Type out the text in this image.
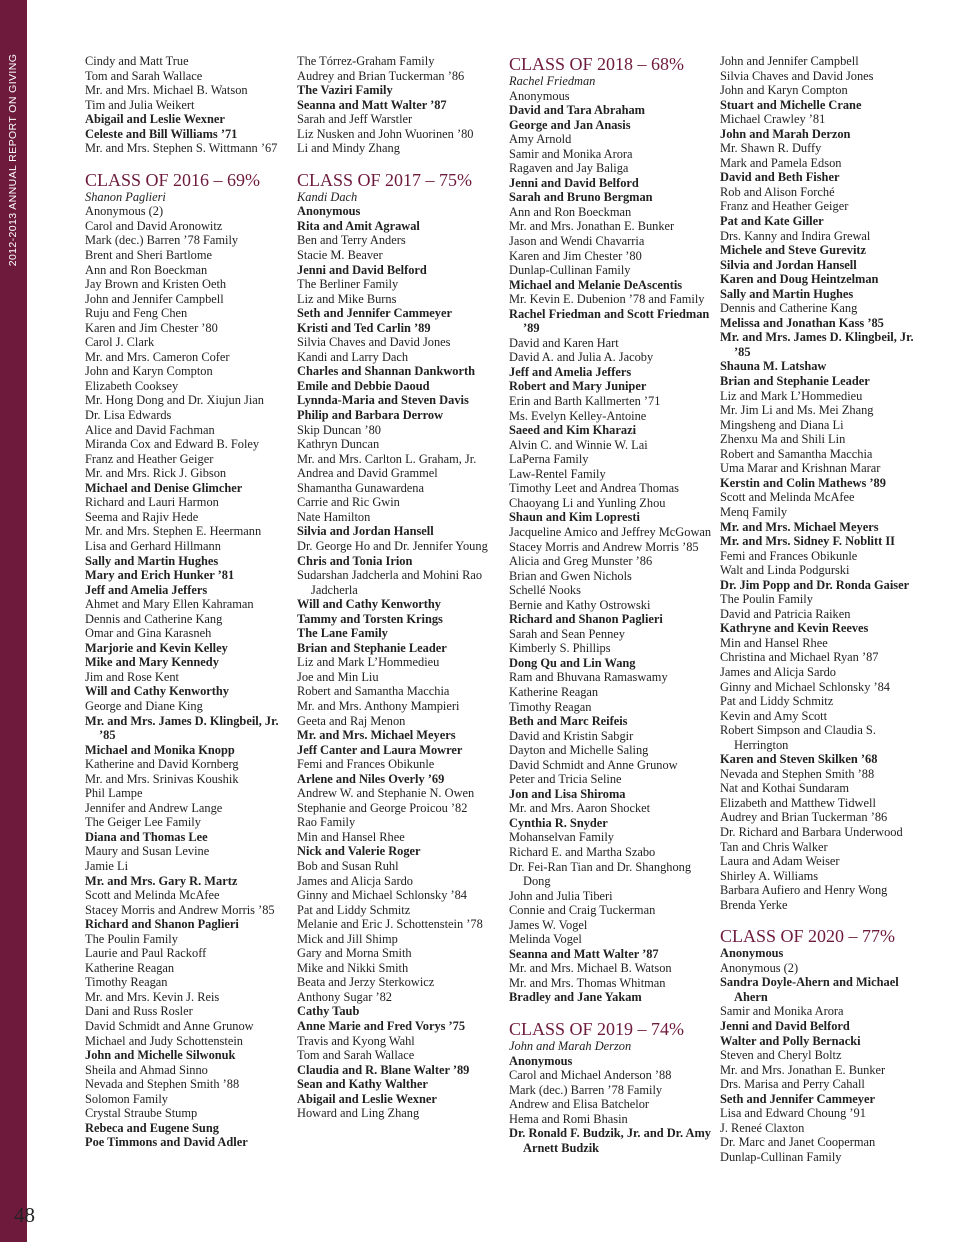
2012-2013 ANNUAL REPORT ON GIVING
48
Cindy and Matt True
Tom and Sarah Wallace
Mr. and Mrs. Michael B. Watson
Tim and Julia Weikert
Abigail and Leslie Wexner
Celeste and Bill Williams ’71
Mr. and Mrs. Stephen S. Wittmann ’67
CLASS OF 2016 – 69%
Shanon Paglieri
Anonymous (2)
Carol and David Aronowitz
Mark (dec.) Barren ’78 Family
Brent and Sheri Bartlome
Ann and Ron Boeckman
Jay Brown and Kristen Oeth
John and Jennifer Campbell
Ruju and Feng Chen
Karen and Jim Chester ’80
Carol J. Clark
Mr. and Mrs. Cameron Cofer
John and Karyn Compton
Elizabeth Cooksey
Mr. Hong Dong and Dr. Xiujun Jian
Dr. Lisa Edwards
Alice and David Fachman
Miranda Cox and Edward B. Foley
Franz and Heather Geiger
Mr. and Mrs. Rick J. Gibson
Michael and Denise Glimcher
Richard and Lauri Harmon
Seema and Rajiv Hede
Mr. and Mrs. Stephen E. Heermann
Lisa and Gerhard Hillmann
Sally and Martin Hughes
Mary and Erich Hunker ’81
Jeff and Amelia Jeffers
Ahmet and Mary Ellen Kahraman
Dennis and Catherine Kang
Omar and Gina Karasneh
Marjorie and Kevin Kelley
Mike and Mary Kennedy
Jim and Rose Kent
Will and Cathy Kenworthy
George and Diane King
Mr. and Mrs. James D. Klingbeil, Jr. ’85
Michael and Monika Knopp
Katherine and David Kornberg
Mr. and Mrs. Srinivas Koushik
Phil Lampe
Jennifer and Andrew Lange
The Geiger Lee Family
Diana and Thomas Lee
Maury and Susan Levine
Jamie Li
Mr. and Mrs. Gary R. Martz
Scott and Melinda McAfee
Stacey Morris and Andrew Morris ’85
Richard and Shanon Paglieri
The Poulin Family
Laurie and Paul Rackoff
Katherine Reagan
Timothy Reagan
Mr. and Mrs. Kevin J. Reis
Dani and Russ Rosler
David Schmidt and Anne Grunow
Michael and Judy Schottenstein
John and Michelle Silwonuk
Sheila and Ahmad Sinno
Nevada and Stephen Smith ’88
Solomon Family
Crystal Straube Stump
Rebeca and Eugene Sung
Poe Timmons and David Adler
The Tórrez-Graham Family
Audrey and Brian Tuckerman ’86
The Vaziri Family
Seanna and Matt Walter ’87
Sarah and Jeff Warstler
Liz Nusken and John Wuorinen ’80
Li and Mindy Zhang
CLASS OF 2017 – 75%
Kandi Dach
Anonymous
Rita and Amit Agrawal
Ben and Terry Anders
Stacie M. Beaver
Jenni and David Belford
The Berliner Family
Liz and Mike Burns
Seth and Jennifer Cammeyer
Kristi and Ted Carlin ’89
Silvia Chaves and David Jones
Kandi and Larry Dach
Charles and Shannan Dankworth
Emile and Debbie Daoud
Lynnda-Maria and Steven Davis
Philip and Barbara Derrow
Skip Duncan ’80
Kathryn Duncan
Mr. and Mrs. Carlton L. Graham, Jr.
Andrea and David Grammel
Shamantha Gunawardena
Carrie and Ric Gwin
Nate Hamilton
Silvia and Jordan Hansell
Dr. George Ho and Dr. Jennifer Young
Chris and Tonia Irion
Sudarshan Jadcherla and Mohini Rao Jadcherla
Will and Cathy Kenworthy
Tammy and Torsten Krings
The Lane Family
Brian and Stephanie Leader
Liz and Mark L’Hommedieu
Joe and Min Liu
Robert and Samantha Macchia
Mr. and Mrs. Anthony Mampieri
Geeta and Raj Menon
Mr. and Mrs. Michael Meyers
Jeff Canter and Laura Mowrer
Femi and Frances Obikunle
Arlene and Niles Overly ’69
Andrew W. and Stephanie N. Owen
Stephanie and George Proicou ’82
Rao Family
Min and Hansel Rhee
Nick and Valerie Roger
Bob and Susan Ruhl
James and Alicja Sardo
Ginny and Michael Schlonsky ’84
Pat and Liddy Schmitz
Melanie and Eric J. Schottenstein ’78
Mick and Jill Shimp
Gary and Morna Smith
Mike and Nikki Smith
Beata and Jerzy Sterkowicz
Anthony Sugar ’82
Cathy Taub
Anne Marie and Fred Vorys ’75
Travis and Kyong Wahl
Tom and Sarah Wallace
Claudia and R. Blane Walter ’89
Sean and Kathy Walther
Abigail and Leslie Wexner
Howard and Ling Zhang
CLASS OF 2018 – 68%
Rachel Friedman
Anonymous
David and Tara Abraham
George and Jan Anasis
Amy Arnold
Samir and Monika Arora
Ragaven and Jay Baliga
Jenni and David Belford
Sarah and Bruno Bergman
Ann and Ron Boeckman
Mr. and Mrs. Jonathan E. Bunker
Jason and Wendi Chavarria
Karen and Jim Chester ’80
Dunlap-Cullinan Family
Michael and Melanie DeAscentis
Mr. Kevin E. Dubenion ’78 and Family
Rachel Friedman and Scott Friedman ’89
David and Karen Hart
David A. and Julia A. Jacoby
Jeff and Amelia Jeffers
Robert and Mary Juniper
Erin and Barth Kallmerten ’71
Ms. Evelyn Kelley-Antoine
Saeed and Kim Kharazi
Alvin C. and Winnie W. Lai
LaPerna Family
Law-Rentel Family
Timothy Leet and Andrea Thomas
Chaoyang Li and Yunling Zhou
Shaun and Kim Lopresti
Jacqueline Amico and Jeffrey McGowan
Stacey Morris and Andrew Morris ’85
Alicia and Greg Munster ’86
Brian and Gwen Nichols
Schellé Nooks
Bernie and Kathy Ostrowski
Richard and Shanon Paglieri
Sarah and Sean Penney
Kimberly S. Phillips
Dong Qu and Lin Wang
Ram and Bhuvana Ramaswamy
Katherine Reagan
Timothy Reagan
Beth and Marc Reifeis
David and Kristin Sabgir
Dayton and Michelle Saling
David Schmidt and Anne Grunow
Peter and Tricia Seline
Jon and Lisa Shiroma
Mr. and Mrs. Aaron Shocket
Cynthia R. Snyder
Mohanselvan Family
Richard E. and Martha Szabo
Dr. Fei-Ran Tian and Dr. Shanghong Dong
John and Julia Tiberi
Connie and Craig Tuckerman
James W. Vogel
Melinda Vogel
Seanna and Matt Walter ’87
Mr. and Mrs. Michael B. Watson
Mr. and Mrs. Thomas Whitman
Bradley and Jane Yakam
CLASS OF 2019 – 74%
John and Marah Derzon
Anonymous
Carol and Michael Anderson ’88
Mark (dec.) Barren ’78 Family
Andrew and Elisa Batchelor
Hema and Romi Bhasin
Dr. Ronald F. Budzik, Jr. and Dr. Amy Arnett Budzik
John and Jennifer Campbell
Silvia Chaves and David Jones
John and Karyn Compton
Stuart and Michelle Crane
Michael Crawley ’81
John and Marah Derzon
Mr. Shawn R. Duffy
Mark and Pamela Edson
David and Beth Fisher
Rob and Alison Forché
Franz and Heather Geiger
Pat and Kate Giller
Drs. Kanny and Indira Grewal
Michele and Steve Gurevitz
Silvia and Jordan Hansell
Karen and Doug Heintzelman
Sally and Martin Hughes
Dennis and Catherine Kang
Melissa and Jonathan Kass ’85
Mr. and Mrs. James D. Klingbeil, Jr. ’85
Shauna M. Latshaw
Brian and Stephanie Leader
Liz and Mark L’Hommedieu
Mr. Jim Li and Ms. Mei Zhang
Mingsheng and Diana Li
Zhenxu Ma and Shili Lin
Robert and Samantha Macchia
Uma Marar and Krishnan Marar
Kerstin and Colin Mathews ’89
Scott and Melinda McAfee
Menq Family
Mr. and Mrs. Michael Meyers
Mr. and Mrs. Sidney F. Noblitt II
Femi and Frances Obikunle
Walt and Linda Podgurski
Dr. Jim Popp and Dr. Ronda Gaiser
The Poulin Family
David and Patricia Raiken
Kathryne and Kevin Reeves
Min and Hansel Rhee
Christina and Michael Ryan ’87
James and Alicja Sardo
Ginny and Michael Schlonsky ’84
Pat and Liddy Schmitz
Kevin and Amy Scott
Robert Simpson and Claudia S. Herrington
Karen and Steven Skilken ’68
Nevada and Stephen Smith ’88
Nat and Kothai Sundaram
Elizabeth and Matthew Tidwell
Audrey and Brian Tuckerman ’86
Dr. Richard and Barbara Underwood
Tan and Chris Walker
Laura and Adam Weiser
Shirley A. Williams
Barbara Aufiero and Henry Wong
Brenda Yerke
CLASS OF 2020 – 77%
Anonymous
Anonymous (2)
Sandra Doyle-Ahern and Michael Ahern
Samir and Monika Arora
Jenni and David Belford
Walter and Polly Bernacki
Steven and Cheryl Boltz
Mr. and Mrs. Jonathan E. Bunker
Drs. Marisa and Perry Cahall
Seth and Jennifer Cammeyer
Lisa and Edward Choung ’91
J. Reneé Claxton
Dr. Marc and Janet Cooperman
Dunlap-Cullinan Family
